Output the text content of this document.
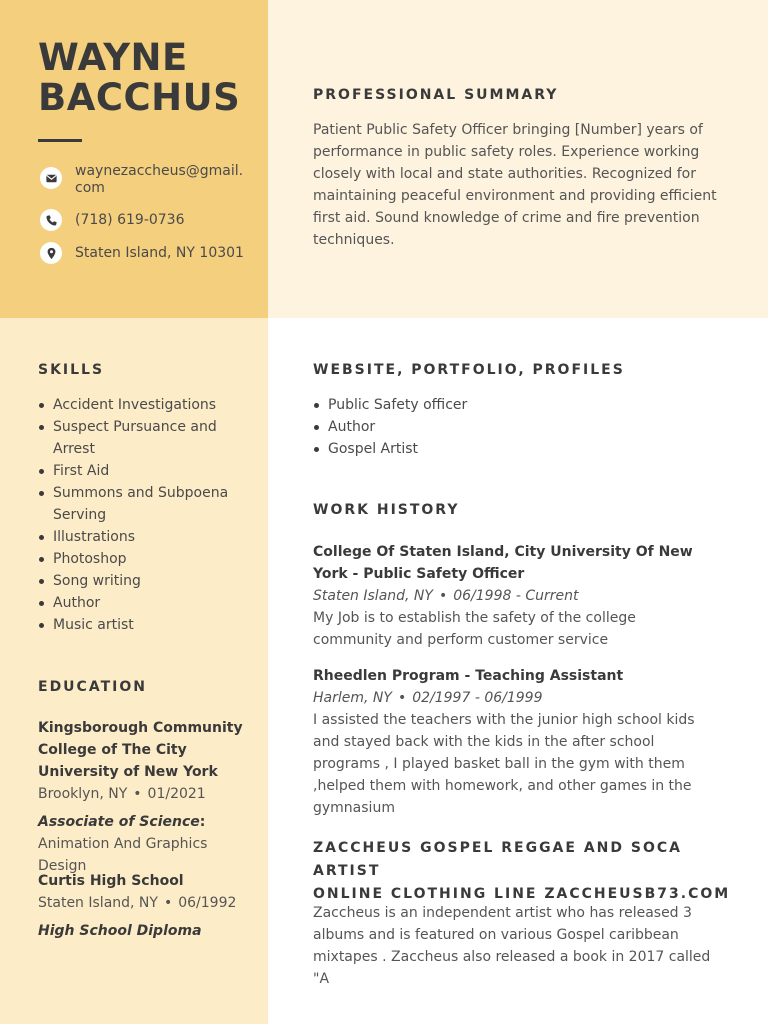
WAYNE
BACCHUS
waynezaccheus@gmail.com
(718) 619-0736
Staten Island, NY 10301
PROFESSIONAL SUMMARY
Patient Public Safety Officer bringing [Number] years of performance in public safety roles. Experience working closely with local and state authorities. Recognized for maintaining peaceful environment and providing efficient first aid. Sound knowledge of crime and fire prevention techniques.
SKILLS
Accident Investigations
Suspect Pursuance and Arrest
First Aid
Summons and Subpoena Serving
Illustrations
Photoshop
Song writing
Author
Music artist
EDUCATION
Kingsborough Community College of The City University of New York
Brooklyn, NY • 01/2021
Associate of Science:
Animation And Graphics Design
Curtis High School
Staten Island, NY • 06/1992
High School Diploma
WEBSITE, PORTFOLIO, PROFILES
Public Safety officer
Author
Gospel Artist
WORK HISTORY
College Of Staten Island, City University Of New York - Public Safety Officer
Staten Island, NY • 06/1998 - Current
My Job is to establish the safety of the college community and perform customer service
Rheedlen Program - Teaching Assistant
Harlem, NY • 02/1997 - 06/1999
I assisted the teachers with the junior high school kids and stayed back with the kids in the after school programs , I played basket ball in the gym with them ,helped them with homework, and other games in the gymnasium
ZACCHEUS GOSPEL REGGAE AND SOCA ARTIST
ONLINE CLOTHING LINE ZACCHEUSB73.COM
Zaccheus is an independent artist who has released 3 albums and is featured on various Gospel caribbean mixtapes . Zaccheus also released a book in 2017 called "A
